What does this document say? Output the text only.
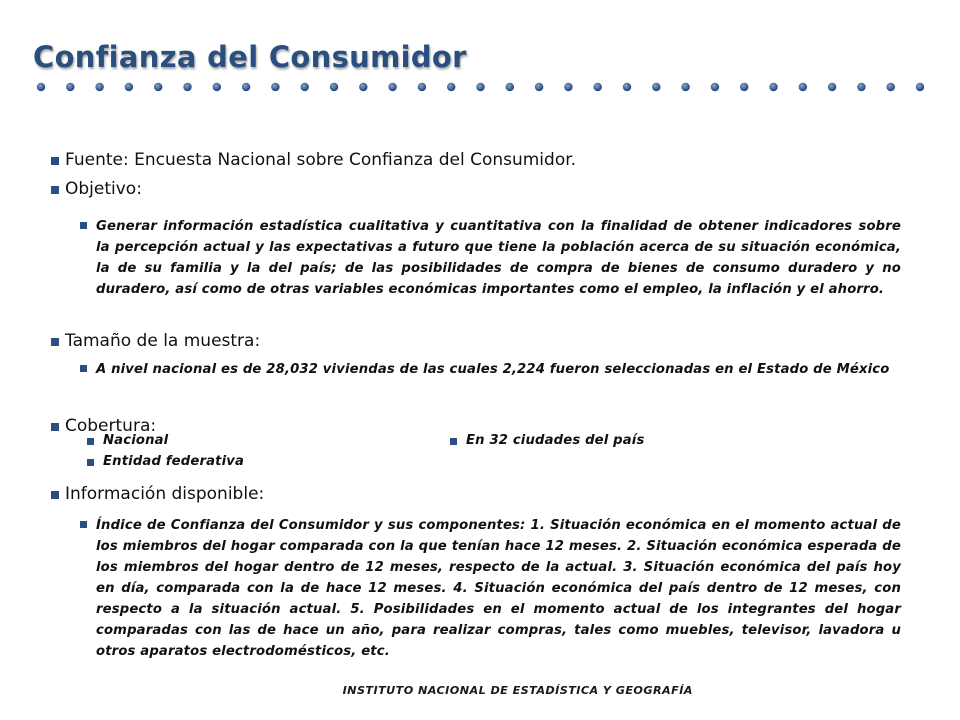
Confianza del Consumidor
Fuente: Encuesta Nacional sobre Confianza del Consumidor.
Objetivo:
Generar información estadística cualitativa y cuantitativa con la finalidad de obtener indicadores sobre la percepción actual y las expectativas a futuro que tiene la población acerca de su situación económica, la de su familia y la del país; de las posibilidades de compra de bienes de consumo duradero y no duradero, así como de otras variables económicas importantes como el empleo, la inflación y el ahorro.
Tamaño de la muestra:
A nivel nacional es de 28,032 viviendas de las cuales 2,224 fueron seleccionadas en el Estado de México
Cobertura:
Nacional
Entidad federativa
En 32 ciudades del país
Información disponible:
Índice de Confianza del Consumidor y sus componentes: 1. Situación económica en el momento actual de los miembros del hogar comparada con la que tenían hace 12 meses. 2. Situación económica esperada de los miembros del hogar dentro de 12 meses, respecto de la actual. 3. Situación económica del país hoy en día, comparada con la de hace 12 meses. 4. Situación económica del país dentro de 12 meses, con respecto a la situación actual. 5. Posibilidades en el momento actual de los integrantes del hogar comparadas con las de hace un año, para realizar compras, tales como muebles, televisor, lavadora u otros aparatos electrodomésticos, etc.
INSTITUTO NACIONAL DE ESTADÍSTICA Y GEOGRAFÍA
